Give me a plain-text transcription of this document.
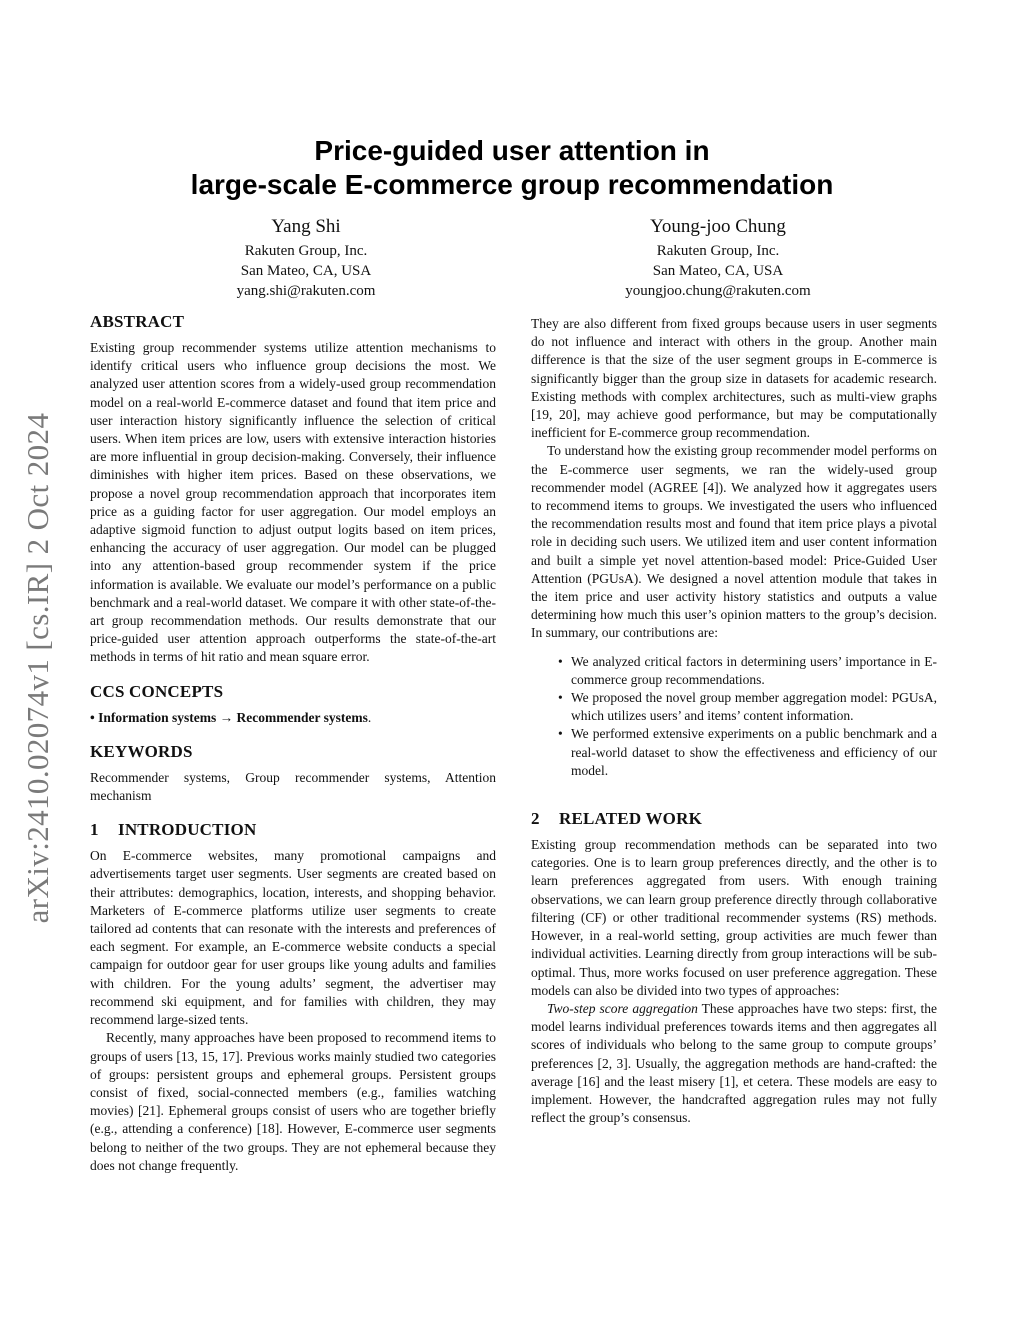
arXiv:2410.02074v1 [cs.IR] 2 Oct 2024
Price-guided user attention in
large-scale E-commerce group recommendation
Yang Shi
Rakuten Group, Inc.
San Mateo, CA, USA
yang.shi@rakuten.com
Young-joo Chung
Rakuten Group, Inc.
San Mateo, CA, USA
youngjoo.chung@rakuten.com
ABSTRACT

Existing group recommender systems utilize attention mechanisms to identify critical users who influence group decisions the most. We analyzed user attention scores from a widely-used group recommendation model on a real-world E-commerce dataset and found that item price and user interaction history significantly influence the selection of critical users. When item prices are low, users with extensive interaction histories are more influential in group decision-making. Conversely, their influence diminishes with higher item prices. Based on these observations, we propose a novel group recommendation approach that incorporates item price as a guiding factor for user aggregation. Our model employs an adaptive sigmoid function to adjust output logits based on item prices, enhancing the accuracy of user aggregation. Our model can be plugged into any attention-based group recommender system if the price information is available. We evaluate our model’s performance on a public benchmark and a real-world dataset. We compare it with other state-of-the-art group recommendation methods. Our results demonstrate that our price-guided user attention approach outperforms the state-of-the-art methods in terms of hit ratio and mean square error.

CCS CONCEPTS

• Information systems → Recommender systems.

KEYWORDS

Recommender systems, Group recommender systems, Attention mechanism

1 INTRODUCTION

On E-commerce websites, many promotional campaigns and advertisements target user segments. User segments are created based on their attributes: demographics, location, interests, and shopping behavior. Marketers of E-commerce platforms utilize user segments to create tailored ad contents that can resonate with the interests and preferences of each segment. For example, an E-commerce website conducts a special campaign for outdoor gear for user groups like young adults and families with children. For the young adults’ segment, the advertiser may recommend ski equipment, and for families with children, they may recommend large-sized tents.

Recently, many approaches have been proposed to recommend items to groups of users [13, 15, 17]. Previous works mainly studied two categories of groups: persistent groups and ephemeral groups. Persistent groups consist of fixed, social-connected members (e.g., families watching movies) [21]. Ephemeral groups consist of users who are together briefly (e.g., attending a conference) [18]. However, E-commerce user segments belong to neither of the two groups. They are not ephemeral because they does not change frequently.

They are also different from fixed groups because users in user segments do not influence and interact with others in the group. Another main difference is that the size of the user segment groups in E-commerce is significantly bigger than the group size in datasets for academic research. Existing methods with complex architectures, such as multi-view graphs [19, 20], may achieve good performance, but may be computationally inefficient for E-commerce group recommendation.

To understand how the existing group recommender model performs on the E-commerce user segments, we ran the widely-used group recommender model (AGREE [4]). We analyzed how it aggregates users to recommend items to groups. We investigated the users who influenced the recommendation results most and found that item price plays a pivotal role in deciding such users. We utilized item and user content information and built a simple yet novel attention-based model: Price-Guided User Attention (PGUsA). We designed a novel attention module that takes in the item price and user activity history statistics and outputs a value determining how much this user’s opinion matters to the group’s decision. In summary, our contributions are:

• We analyzed critical factors in determining users’ importance in E-commerce group recommendations.
• We proposed the novel group member aggregation model: PGUsA, which utilizes users’ and items’ content information.
• We performed extensive experiments on a public benchmark and a real-world dataset to show the effectiveness and efficiency of our model.
2 RELATED WORK

Existing group recommendation methods can be separated into two categories. One is to learn group preferences directly, and the other is to learn preferences aggregated from users. With enough training observations, we can learn group preference directly through collaborative filtering (CF) or other traditional recommender systems (RS) methods. However, in a real-world setting, group activities are much fewer than individual activities. Learning directly from group interactions will be sub-optimal. Thus, more works focused on user preference aggregation. These models can also be divided into two types of approaches:

Two-step score aggregation These approaches have two steps: first, the model learns individual preferences towards items and then aggregates all scores of individuals who belong to the same group to compute groups’ preferences [2, 3]. Usually, the aggregation methods are hand-crafted: the average [16] and the least misery [1], et cetera. These models are easy to implement. However, the handcrafted aggregation rules may not fully reflect the group’s consensus.
